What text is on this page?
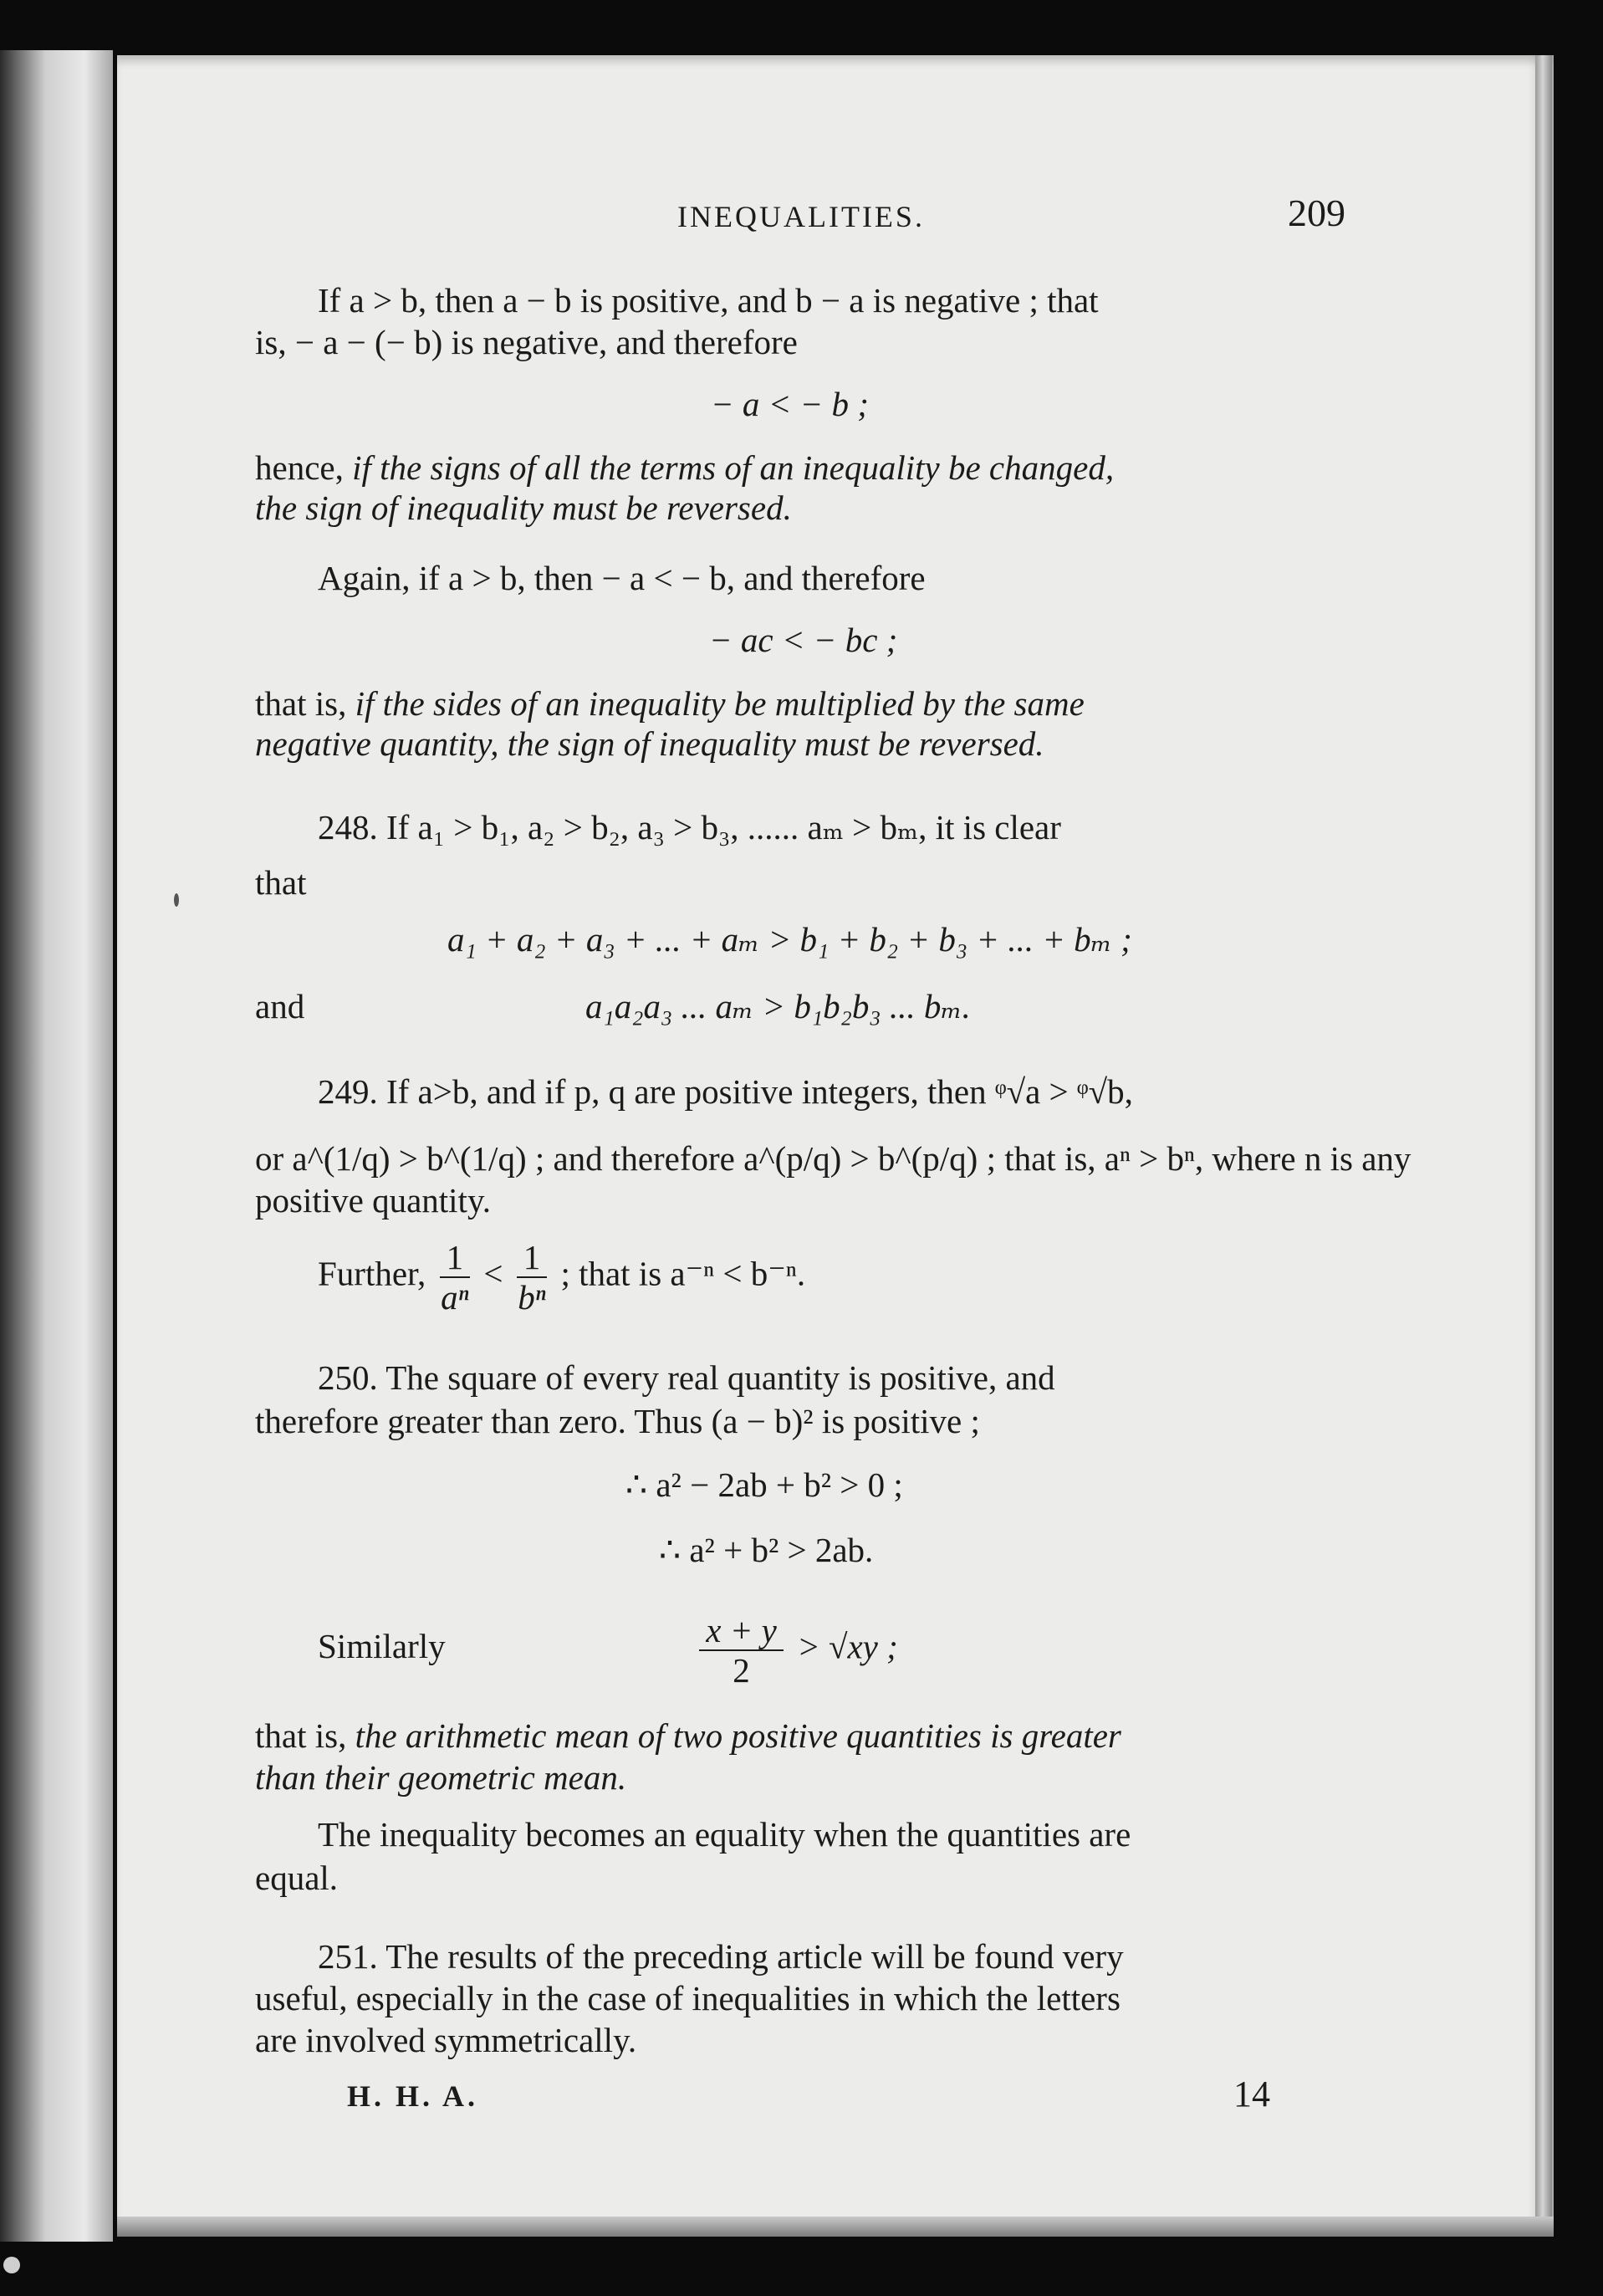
INEQUALITIES.	209
If a > b, then a − b is positive, and b − a is negative ; that
is, − a − (− b) is negative, and therefore
− a < − b ;
hence, if the signs of all the terms of an inequality be changed,
the sign of inequality must be reversed.
Again, if a > b, then − a < − b, and therefore
− ac < − bc ;
that is, if the sides of an inequality be multiplied by the same
negative quantity, the sign of inequality must be reversed.
248. If a₁ > b₁, a₂ > b₂, a₃ > b₃, ...... aₘ > bₘ, it is clear
that
a₁ + a₂ + a₃ + ... + aₘ > b₁ + b₂ + b₃ + ... + bₘ ;
and	a₁a₂a₃ ... aₘ > b₁b₂b₃ ... bₘ.
249. If a>b, and if p, q are positive integers, then ᵠ√a > ᵠ√b,
or a^(1/q) > b^(1/q) ; and therefore a^(p/q) > b^(p/q) ; that is, aⁿ > bⁿ, where n is any
positive quantity.
Further, $\frac{1}{\text{aⁿ}} < \frac{1}{\text{bⁿ}}$ ; that is a⁻ⁿ < b⁻ⁿ.
250. The square of every real quantity is positive, and
therefore greater than zero. Thus (a − b)² is positive ;
∴ a² − 2ab + b² > 0 ;
∴ a² + b² > 2ab.
Similarly	$\frac{x + y}{2} > √xy$ ;
that is, the arithmetic mean of two positive quantities is greater
than their geometric mean.
The inequality becomes an equality when the quantities are
equal.
251. The results of the preceding article will be found very
useful, especially in the case of inequalities in which the letters
are involved symmetrically.
H. H. A.	14
